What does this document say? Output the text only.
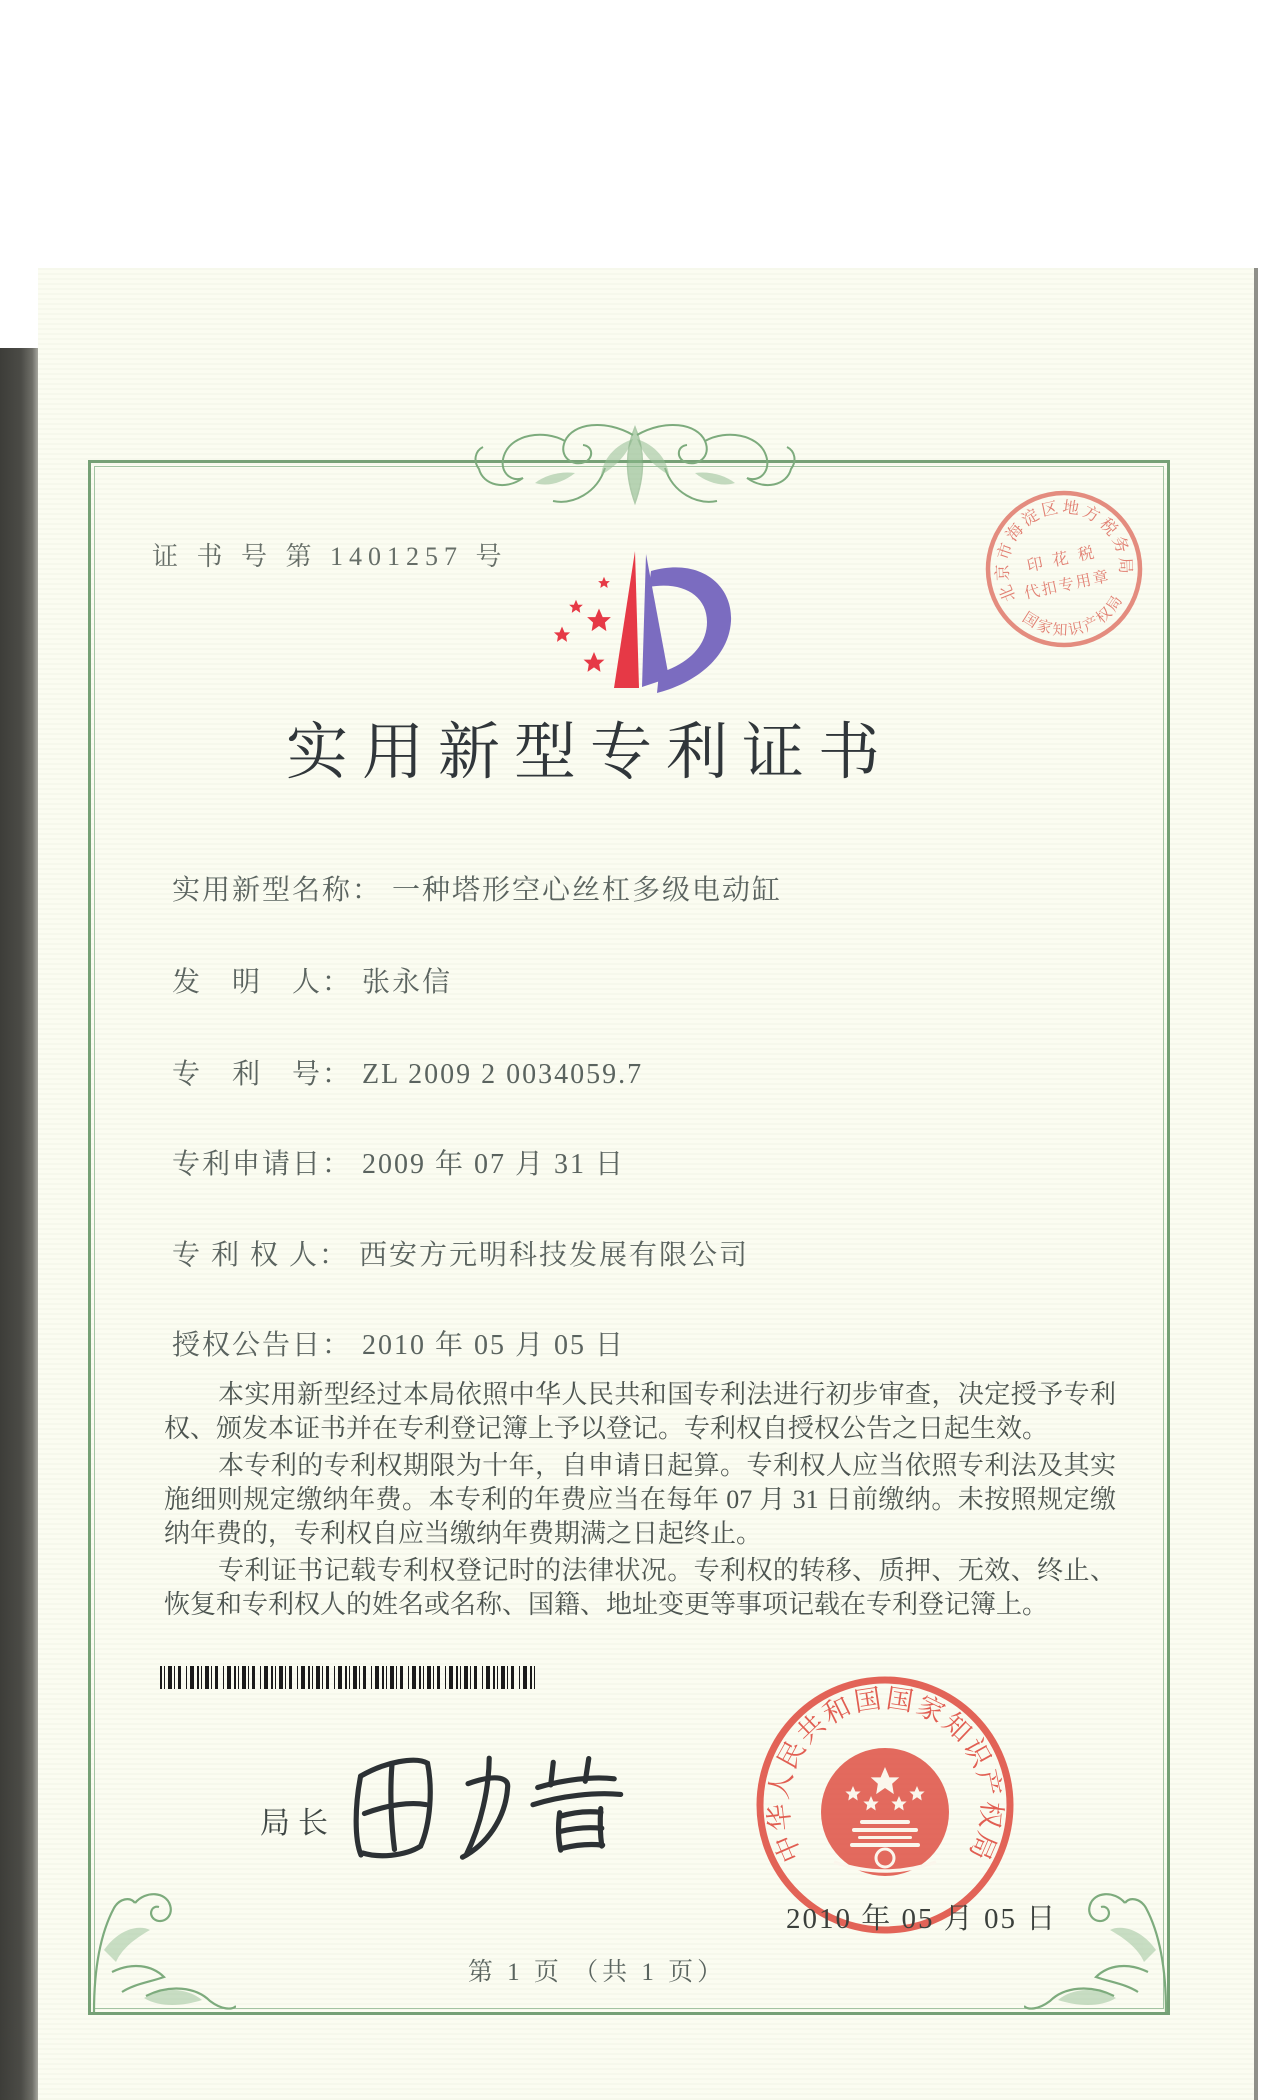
证 书 号 第 1401257 号
实用新型专利证书
实用新型名称： 一种塔形空心丝杠多级电动缸
发　明　人： 张永信
专　利　号： ZL 2009 2 0034059.7
专利申请日： 2009 年 07 月 31 日
专 利 权 人： 西安方元明科技发展有限公司
授权公告日： 2010 年 05 月 05 日

本实用新型经过本局依照中华人民共和国专利法进行初步审查，决定授予专利权、颁发本证书并在专利登记簿上予以登记。专利权自授权公告之日起生效。

本专利的专利权期限为十年，自申请日起算。专利权人应当依照专利法及其实施细则规定缴纳年费。本专利的年费应当在每年 07 月 31 日前缴纳。未按照规定缴纳年费的，专利权自应当缴纳年费期满之日起终止。

专利证书记载专利权登记时的法律状况。专利权的转移、质押、无效、终止、恢复和专利权人的姓名或名称、国籍、地址变更等事项记载在专利登记簿上。

局长
中华人民共和国国家知识产权局
2010 年 05 月 05 日
北京市海淀区地方税务局
国家知识产权局
印 花 税
代扣专用章
第 1 页 （共 1 页）
